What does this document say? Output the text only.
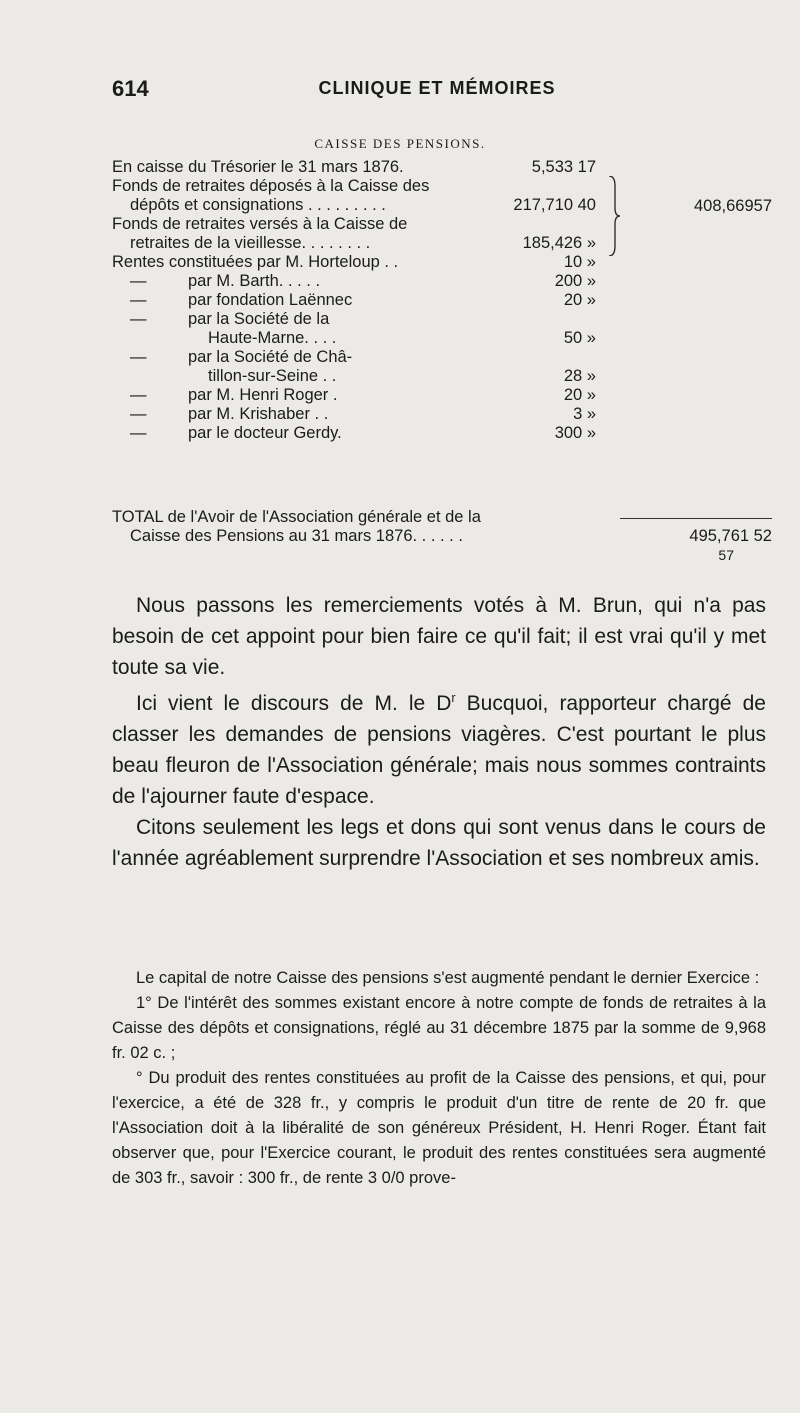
614	CLINIQUE ET MÉMOIRES
CAISSE DES PENSIONS.
En caisse du Trésorier le 31 mars 1876.	5,533 17
Fonds de retraites déposés à la Caisse des
dépôts et consignations . . . . . . . . .	217,710 40
Fonds de retraites versés à la Caisse de
retraites de la vieillesse. . . . . . . .	185,426 »
408,66957
Rentes constituées par M. Horteloup . .	10 »
—	par M. Barth. . . . .	200 »
—	par fondation Laënnec	20 »
—	par la Société de la
Haute-Marne. . . .	50 »
—	par la Société de Châ-
tillon-sur-Seine . .	28 »
—	par M. Henri Roger .	20 »
—	par M. Krishaber . .	3 »
—	par le docteur Gerdy.	300 »
TOTAL de l'Avoir de l'Association générale et de la
Caisse des Pensions au 31 mars 1876. . . . . .	495,761 52
57
Nous passons les remerciements votés à M. Brun, qui n'a pas besoin de cet appoint pour bien faire ce qu'il fait; il est vrai qu'il y met toute sa vie.
Ici vient le discours de M. le $D^r$ Bucquoi, rapporteur chargé de classer les demandes de pensions viagères. C'est pourtant le plus beau fleuron de l'Association générale; mais nous sommes contraints de l'ajourner faute d'espace.
Citons seulement les legs et dons qui sont venus dans le cours de l'année agréablement surprendre l'Association et ses nombreux amis.
Le capital de notre Caisse des pensions s'est augmenté pendant le dernier Exercice :
1° De l'intérêt des sommes existant encore à notre compte de fonds de retraites à la Caisse des dépôts et consignations, réglé au 31 décembre 1875 par la somme de 9,968 fr. 02 c. ;
° Du produit des rentes constituées au profit de la Caisse des pensions, et qui, pour l'exercice, a été de 328 fr., y compris le produit d'un titre de rente de 20 fr. que l'Association doit à la libéralité de son généreux Président, H. Henri Roger. Étant fait observer que, pour l'Exercice courant, le produit des rentes constituées sera augmenté de 303 fr., savoir : 300 fr., de rente 3 0/0 prove-
